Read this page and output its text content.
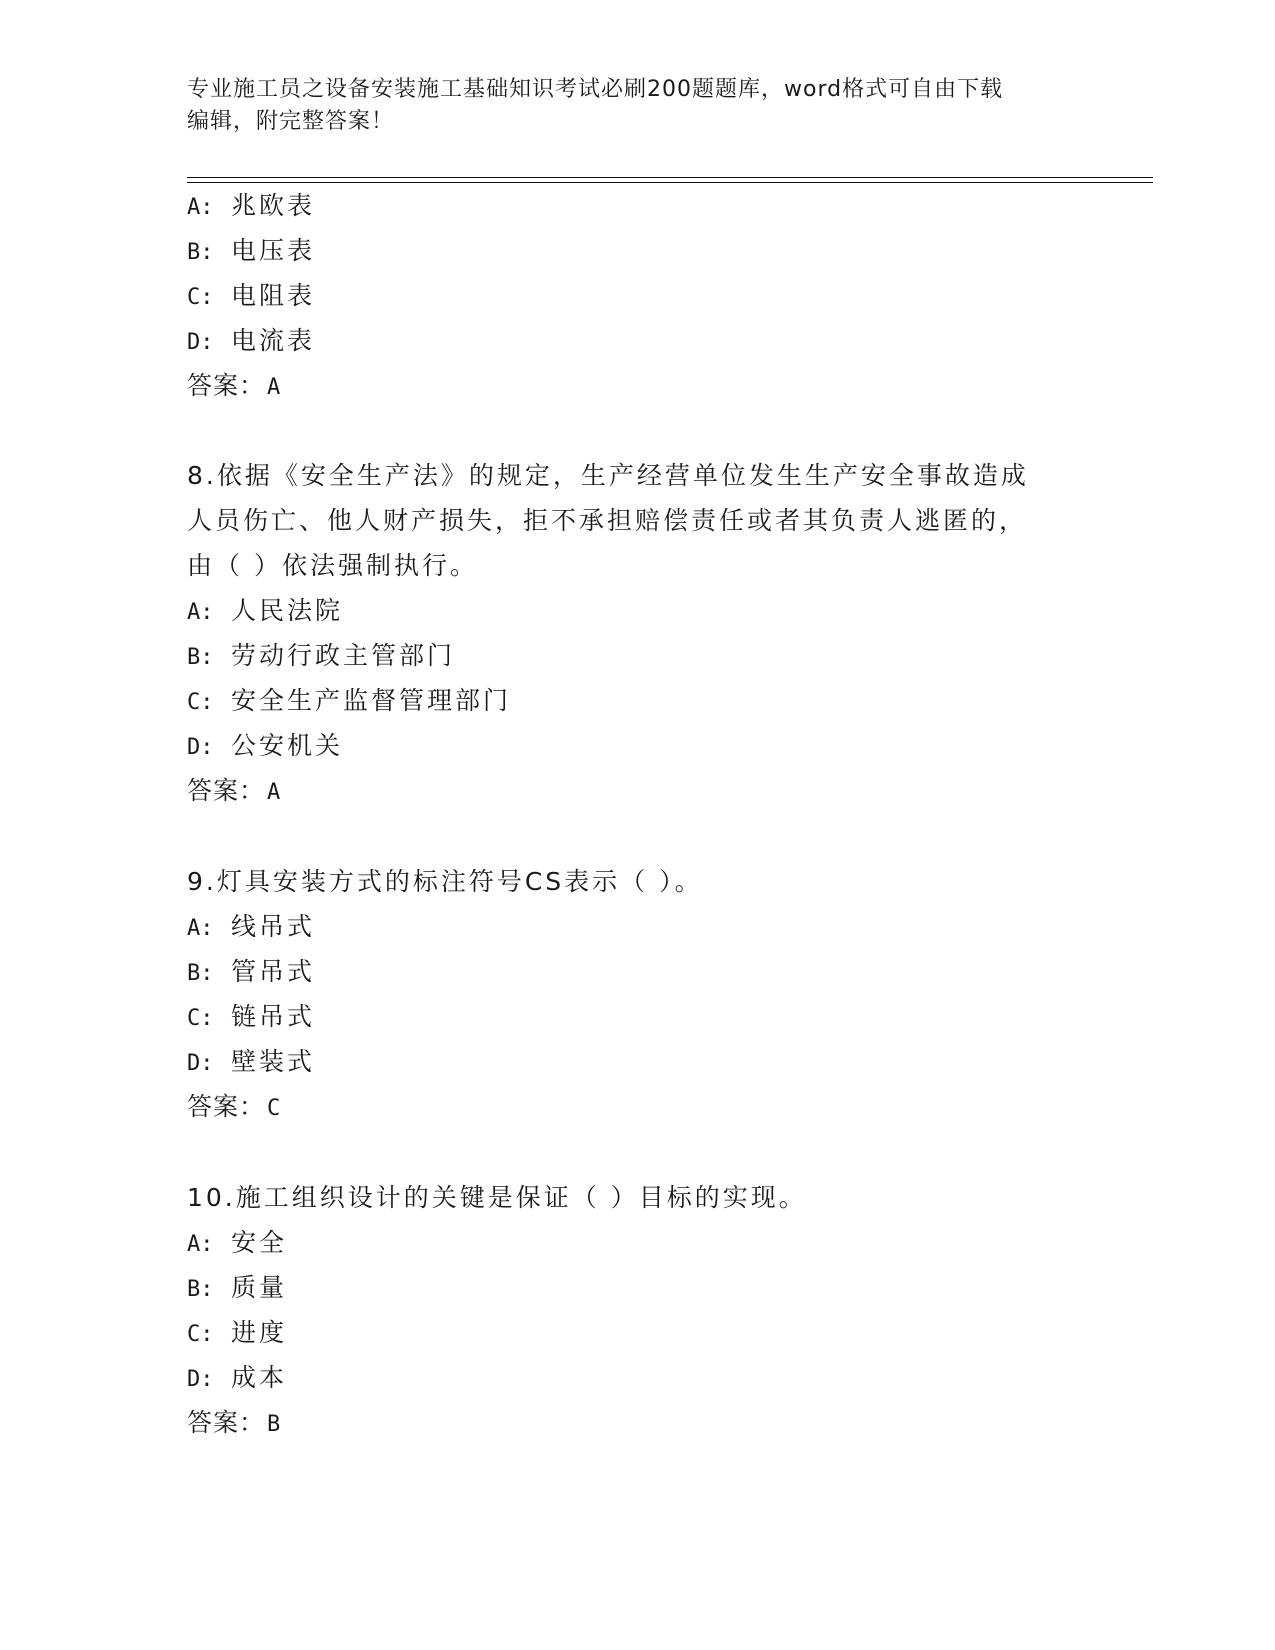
专业施工员之设备安装施工基础知识考试必刷200题题库，word格式可自由下载
编辑，附完整答案！
A: 兆欧表
B: 电压表
C: 电阻表
D: 电流表
答案：A
8.依据《安全生产法》的规定，生产经营单位发生生产安全事故造成
人员伤亡、他人财产损失，拒不承担赔偿责任或者其负责人逃匿的，
由（ ）依法强制执行。
A: 人民法院
B: 劳动行政主管部门
C: 安全生产监督管理部门
D: 公安机关
答案：A
9.灯具安装方式的标注符号CS表示（ ）。
A: 线吊式
B: 管吊式
C: 链吊式
D: 壁装式
答案：C
10.施工组织设计的关键是保证（ ）目标的实现。
A: 安全
B: 质量
C: 进度
D: 成本
答案：B
